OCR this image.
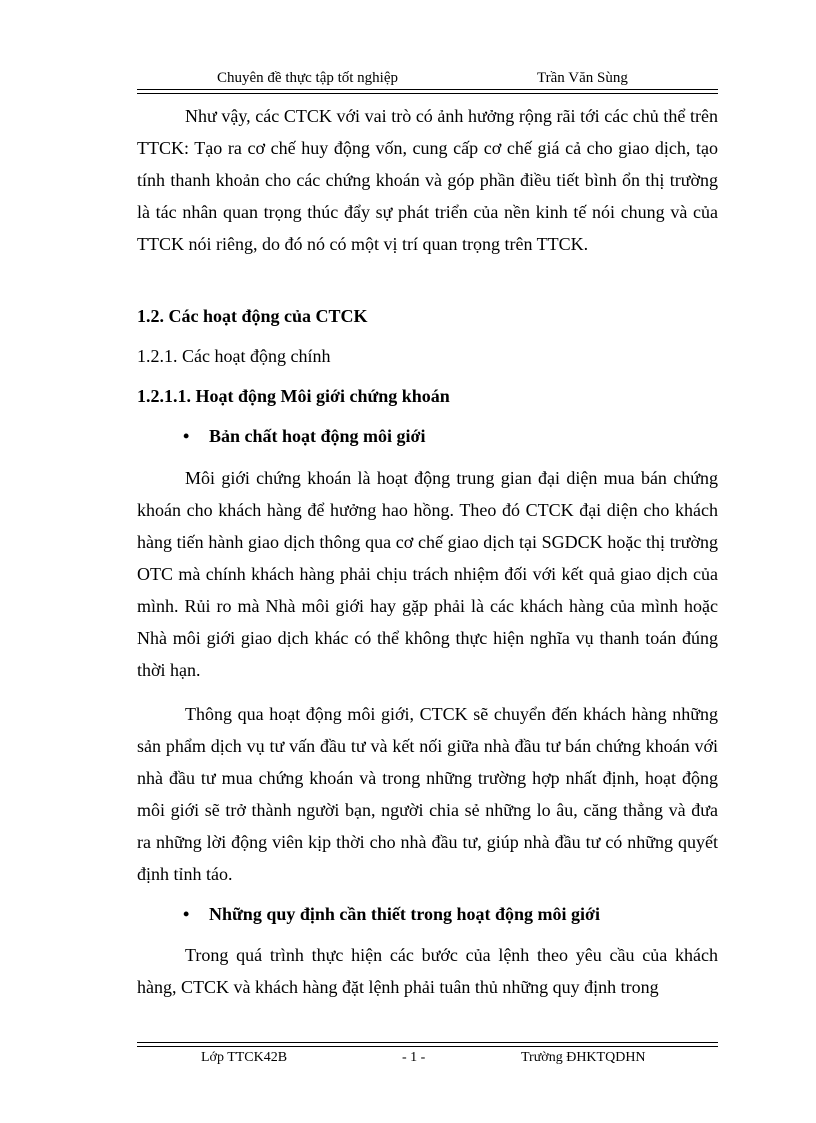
Chuyên đề thực tập tốt nghiệp	Trần Văn Sùng

Như vậy, các CTCK với vai trò có ảnh hưởng rộng rãi tới các chủ thể trên TTCK: Tạo ra cơ chế huy động vốn, cung cấp cơ chế giá cả cho giao dịch, tạo tính thanh khoản cho các chứng khoán và góp phần điều tiết bình ổn thị trường là tác nhân quan trọng thúc đẩy sự phát triển của nền kinh tế nói chung và của TTCK nói riêng, do đó nó có một vị trí quan trọng trên TTCK.

1.2. Các hoạt động của CTCK
1.2.1. Các hoạt động chính
1.2.1.1. Hoạt động Môi giới chứng khoán
• Bản chất hoạt động môi giới

Môi giới chứng khoán là hoạt động trung gian đại diện mua bán chứng khoán cho khách hàng để hưởng hao hồng. Theo đó CTCK đại diện cho khách hàng tiến hành giao dịch thông qua cơ chế giao dịch tại SGDCK hoặc thị trường OTC mà chính khách hàng phải chịu trách nhiệm đối với kết quả giao dịch của mình. Rủi ro mà Nhà môi giới hay gặp phải là các khách hàng của mình hoặc Nhà môi giới giao dịch khác có thể không thực hiện nghĩa vụ thanh toán đúng thời hạn.

Thông qua hoạt động môi giới, CTCK sẽ chuyển đến khách hàng những sản phẩm dịch vụ tư vấn đầu tư và kết nối giữa nhà đầu tư bán chứng khoán với nhà đầu tư mua chứng khoán và trong những trường hợp nhất định, hoạt động môi giới sẽ trở thành người bạn, người chia sẻ những lo âu, căng thẳng và đưa ra những lời động viên kịp thời cho nhà đầu tư, giúp nhà đầu tư có những quyết định tỉnh táo.

• Những quy định cần thiết trong hoạt động môi giới

Trong quá trình thực hiện các bước của lệnh theo yêu cầu của khách hàng, CTCK và khách hàng đặt lệnh phải tuân thủ những quy định trong

Lớp TTCK42B	- 1 -	Trường ĐHKTQDHN
